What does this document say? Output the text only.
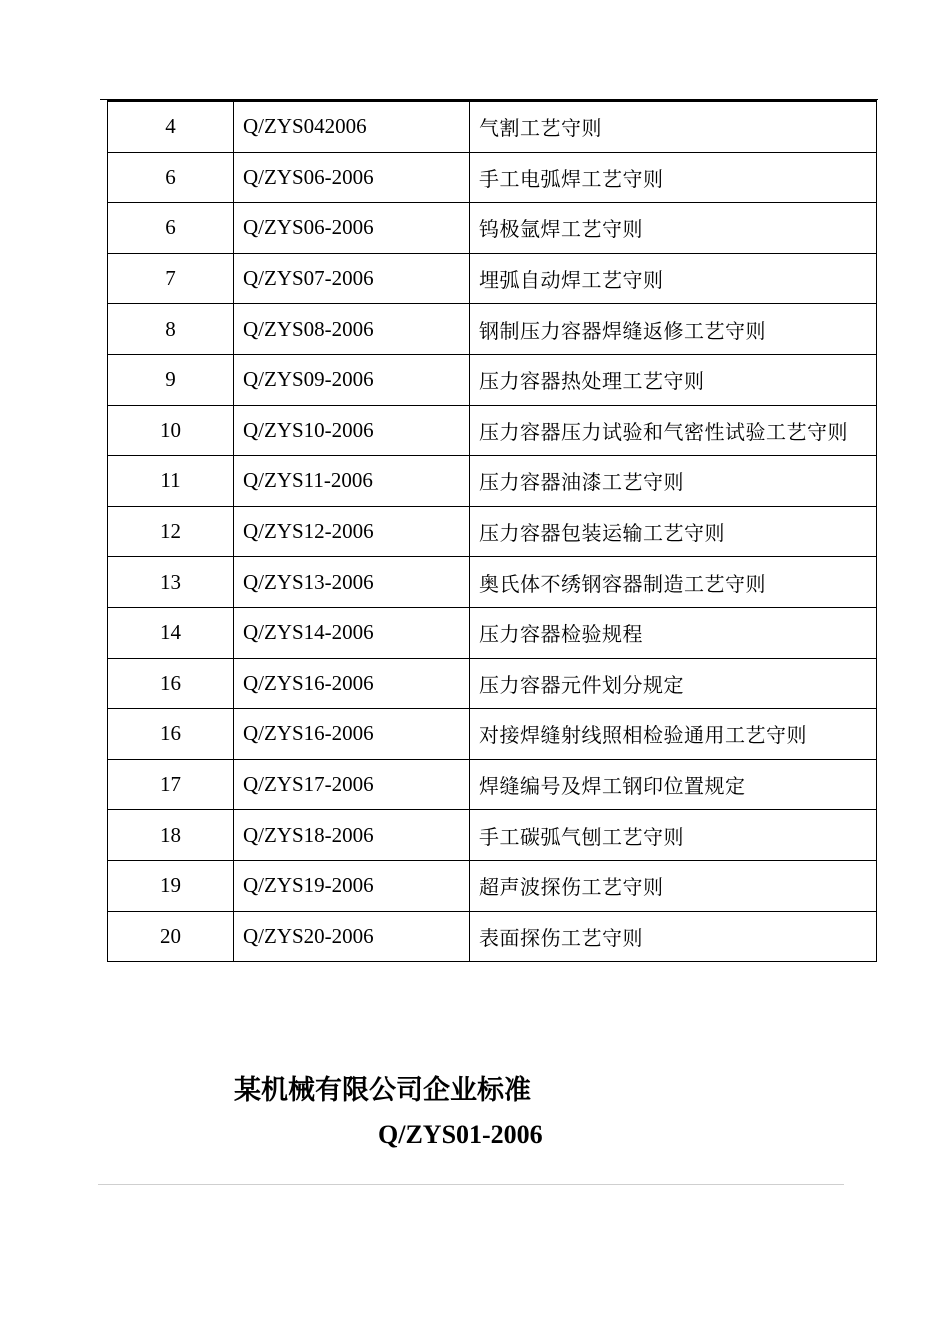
4	Q/ZYS042006	气割工艺守则
6	Q/ZYS06-2006	手工电弧焊工艺守则
6	Q/ZYS06-2006	钨极氩焊工艺守则
7	Q/ZYS07-2006	埋弧自动焊工艺守则
8	Q/ZYS08-2006	钢制压力容器焊缝返修工艺守则
9	Q/ZYS09-2006	压力容器热处理工艺守则
10	Q/ZYS10-2006	压力容器压力试验和气密性试验工艺守则
11	Q/ZYS11-2006	压力容器油漆工艺守则
12	Q/ZYS12-2006	压力容器包装运输工艺守则
13	Q/ZYS13-2006	奥氏体不绣钢容器制造工艺守则
14	Q/ZYS14-2006	压力容器检验规程
16	Q/ZYS16-2006	压力容器元件划分规定
16	Q/ZYS16-2006	对接焊缝射线照相检验通用工艺守则
17	Q/ZYS17-2006	焊缝编号及焊工钢印位置规定
18	Q/ZYS18-2006	手工碳弧气刨工艺守则
19	Q/ZYS19-2006	超声波探伤工艺守则
20	Q/ZYS20-2006	表面探伤工艺守则
某机械有限公司企业标准
Q/ZYS01-2006
